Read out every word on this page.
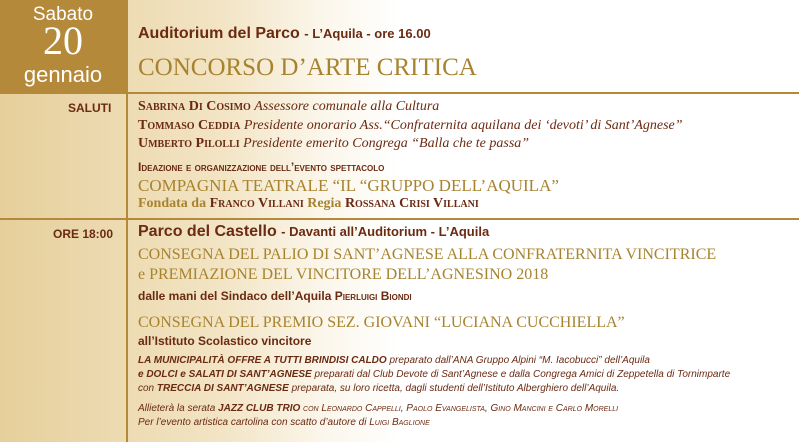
Sabato
20
gennaio
Auditorium del Parco - L’Aquila - ore 16.00
CONCORSO D’ARTE CRITICA
SALUTI Sabrina Di Cosimo Assessore comunale alla Cultura
Tommaso Ceddia Presidente onorario Ass.“Confraternita aquilana dei ‘devoti’ di Sant’Agnese”
Umberto Pilolli Presidente emerito Congrega “Balla che te passa”
Ideazione e organizzazione dell’evento spettacolo
COMPAGNIA TEATRALE “IL “GRUPPO DELL’AQUILA”
Fondata da Franco Villani Regia Rossana Crisi Villani
ORE 18:00 Parco del Castello - Davanti all’Auditorium - L’Aquila
CONSEGNA DEL PALIO DI SANT’AGNESE ALLA CONFRATERNITA VINCITRICE
e PREMIAZIONE DEL VINCITORE DELL’AGNESINO 2018
dalle mani del Sindaco dell’Aquila Pierluigi Biondi
CONSEGNA DEL PREMIO SEZ. GIOVANI “LUCIANA CUCCHIELLA”
all’Istituto Scolastico vincitore
LA MUNICIPALITÀ OFFRE A TUTTI BRINDISI CALDO preparato dall’ANA Gruppo Alpini “M. Iacobucci” dell’Aquila
e DOLCI e SALATI DI SANT’AGNESE preparati dal Club Devote di Sant’Agnese e dalla Congrega Amici di Zeppetella di Tornimparte
con TRECCIA DI SANT’AGNESE preparata, su loro ricetta, dagli studenti dell’Istituto Alberghiero dell’Aquila.
Allieterà la serata JAZZ CLUB TRIO con Leonardo Cappelli, Paolo Evangelista, Gino Mancini e Carlo Morelli
Per l’evento artistica cartolina con scatto d’autore di Luigi Baglione
